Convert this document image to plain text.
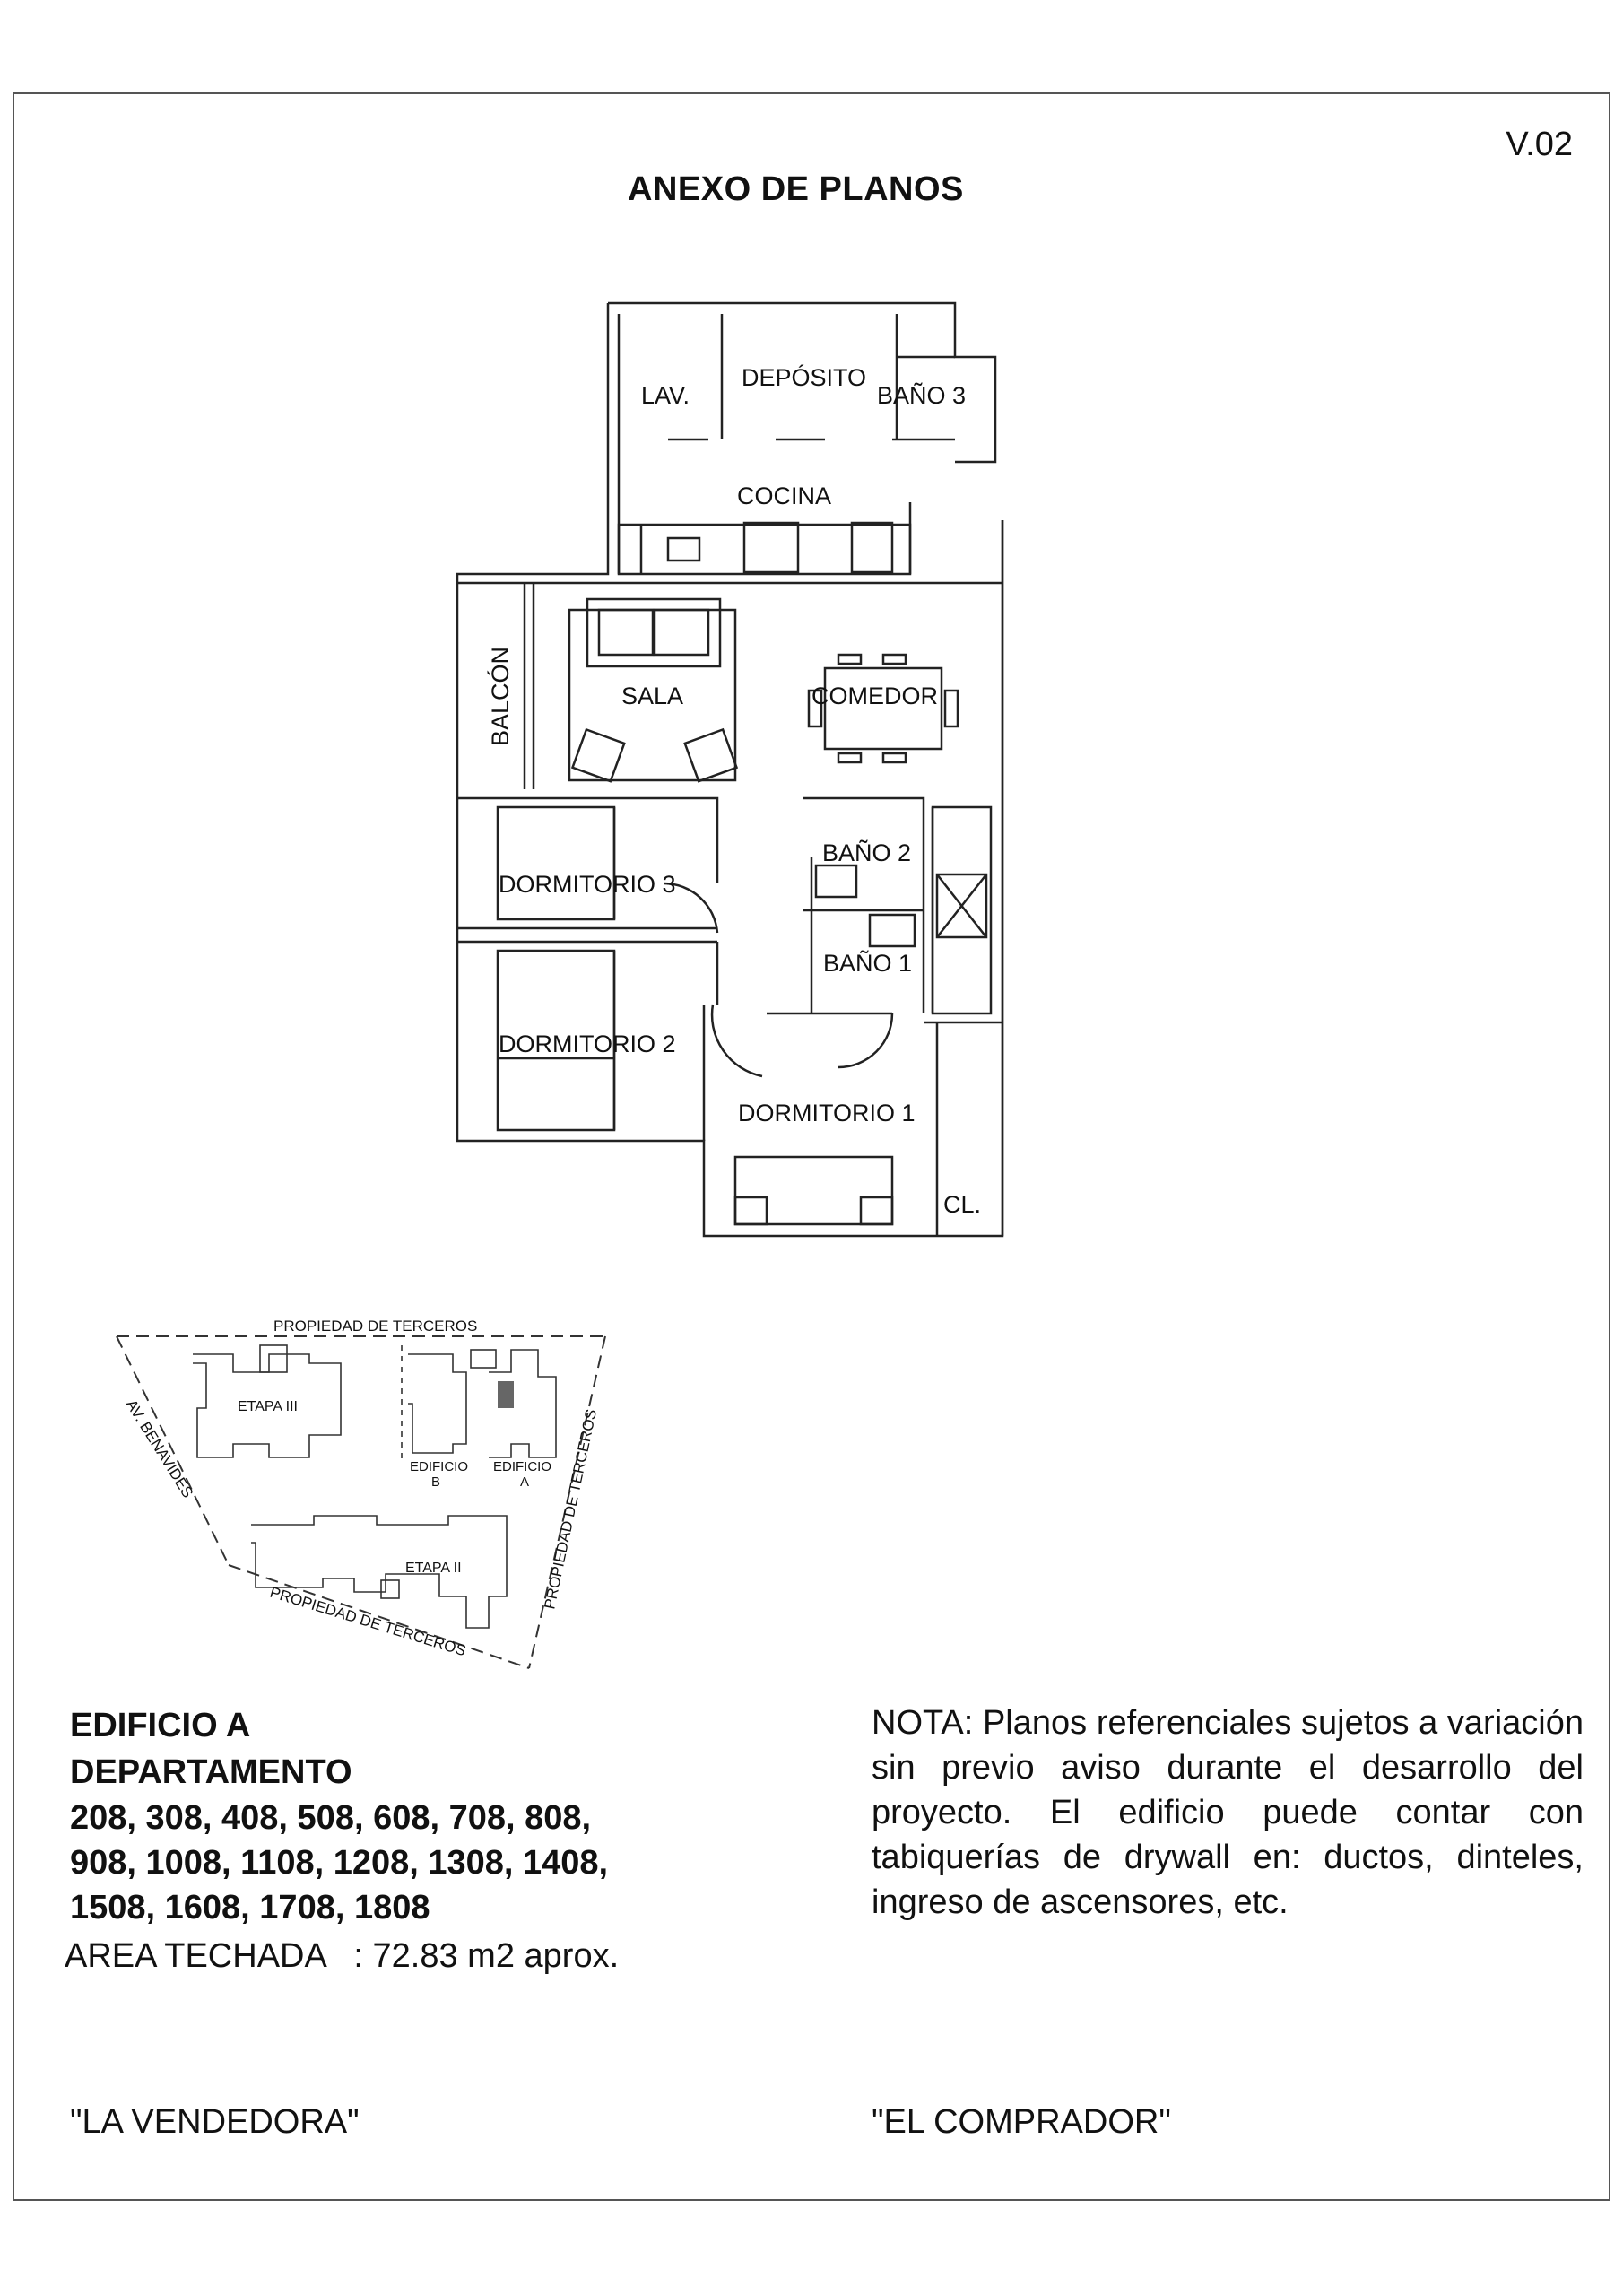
V.02
ANEXO DE PLANOS
LAV.
DEPÓSITO
BAÑO 3
COCINA
BALCÓN	SALA	COMEDOR
DORMITORIO 3
BAÑO 2
BAÑO 1
DORMITORIO 2
DORMITORIO 1
CL.
PROPIEDAD DE TERCEROS
AV. BENAVIDES	PROPIEDAD DE TERCEROS
PROPIEDAD DE TERCEROS
ETAPA III
ETAPA II
EDIFICIO
B
EDIFICIO
A
EDIFICIO A
DEPARTAMENTO
208, 308, 408, 508, 608, 708, 808,
908, 1008, 1108, 1208, 1308, 1408,
1508, 1608, 1708, 1808
AREA TECHADA   : 72.83 m2 aprox.
NOTA: Planos referenciales sujetos a variación sin previo aviso durante el desarrollo del proyecto. El edificio puede contar con tabiquerías de drywall en: ductos, dinteles, ingreso de ascensores, etc.
"LA VENDEDORA"	"EL COMPRADOR"
